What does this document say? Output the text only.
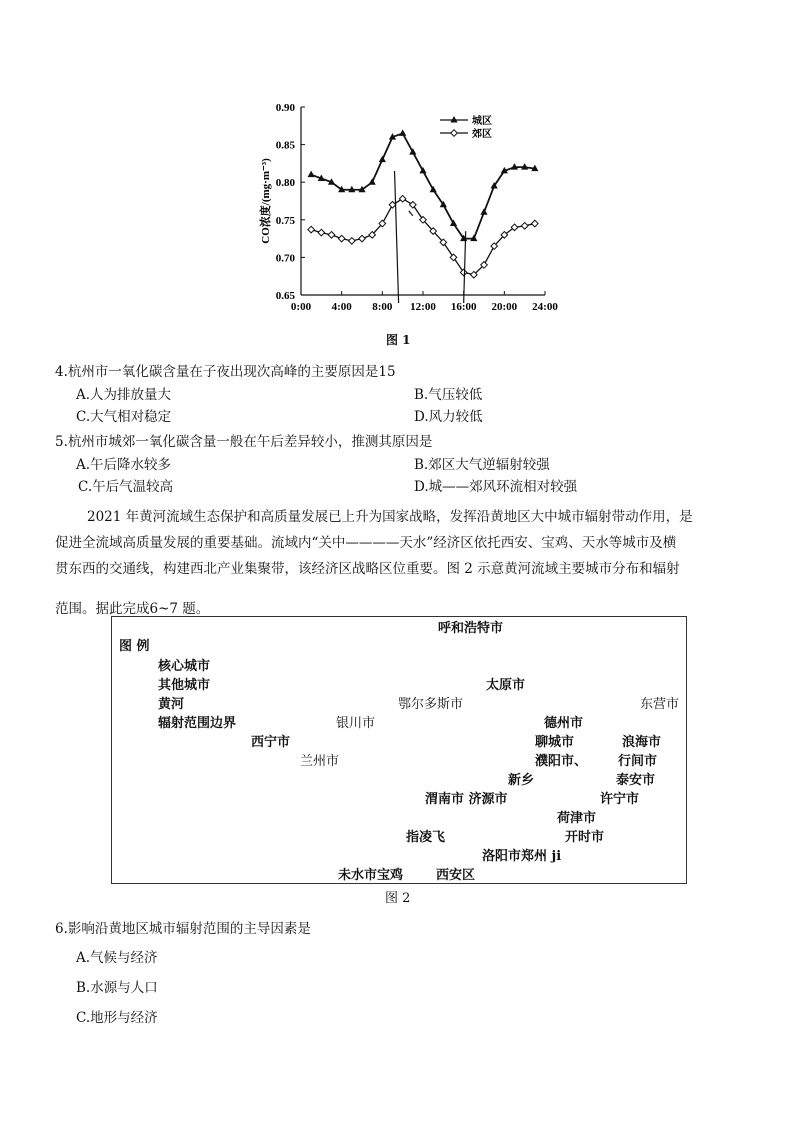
0.90
0.85
0.80
0.75
0.70
0.65
0:00 4:00 8:00 12:00 16:00 20:00 24:00
CO浓度/(mg·m⁻³)
城区
郊区
图 1
4.杭州市一氧化碳含量在子夜出现次高峰的主要原因是15
A.人为排放量大	B.气压较低
C.大气相对稳定	D.风力较低
5.杭州市城郊一氧化碳含量一般在午后差异较小，推测其原因是
A.午后降水较多	B.郊区大气逆辐射较强
C.午后气温较高	D.城——郊风环流相对较强
2021 年黄河流域生态保护和高质量发展已上升为国家战略，发挥沿黄地区大中城市辐射带动作用，是
促进全流域高质量发展的重要基础。流域内“关中————天水”经济区依托西安、宝鸡、天水等城市及横
贯东西的交通线，构建西北产业集聚带，该经济区战略区位重要。图 2 示意黄河流域主要城市分布和辐射
范围。据此完成6~7 题。
图 例
核心城市
其他城市
黄河
辐射范围边界
呼和浩特市
太原市
鄂尔多斯市	东营市
银川市	德州市
西宁市	聊城市	浪海市
兰州市	濮阳市、 行间市
新乡	泰安市
渭南市 济源市	许宁市
荷津市
指凌飞	开时市
洛阳市郑州 ji
未水市宝鸡	西安区
图 2
6.影响沿黄地区城市辐射范围的主导因素是
A.气候与经济
B.水源与人口
C.地形与经济
